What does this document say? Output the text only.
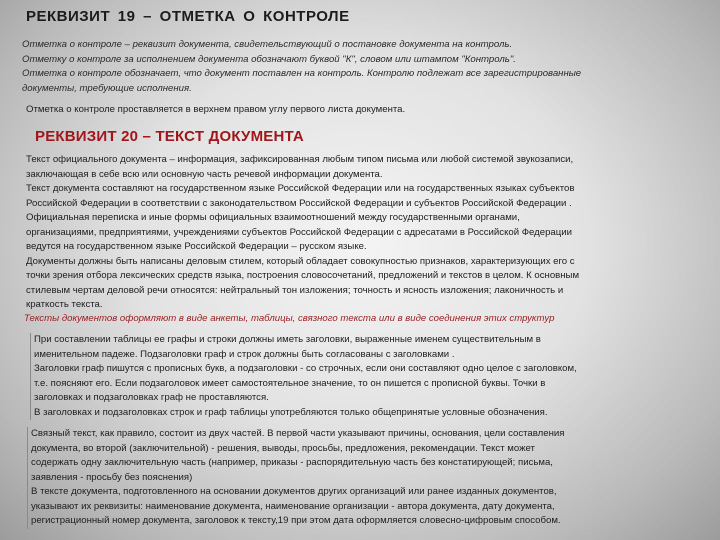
РЕКВИЗИТ 19 – ОТМЕТКА О КОНТРОЛЕ
Отметка о контроле – реквизит документа, свидетельствующий о постановке документа на контроль.
Отметку о контроле за исполнением документа обозначают буквой "К", словом или штампом "Контроль".
Отметка о контроле обозначает, что документ поставлен на контроль. Контролю подлежат все зарегистрированные
документы, требующие исполнения.
Отметка о контроле проставляется в верхнем правом углу первого листа документа.
РЕКВИЗИТ 20 – ТЕКСТ ДОКУМЕНТА
Текст официального документа – информация, зафиксированная любым типом письма или любой системой звукозаписи,
заключающая в себе всю или основную часть речевой информации документа.
Текст документа составляют на государственном языке Российской Федерации или на государственных языках субъектов
Российской Федерации в соответствии с законодательством Российской Федерации и субъектов Российской Федерации .
Официальная переписка и иные формы официальных взаимоотношений между государственными органами,
организациями, предприятиями, учреждениями субъектов Российской Федерации с адресатами в Российской Федерации
ведутся на государственном языке Российской Федерации – русском языке.
Документы должны быть написаны деловым стилем, который обладает совокупностью признаков, характеризующих его с
точки зрения отбора лексических средств языка, построения словосочетаний, предложений и текстов в целом. К основным
стилевым чертам деловой речи относятся: нейтральный тон изложения; точность и ясность изложения; лаконичность и
краткость текста.
Тексты документов оформляют в виде анкеты, таблицы, связного текста или в виде соединения этих структур
При составлении таблицы ее графы и строки должны иметь заголовки, выраженные именем существительным в
именительном падеже. Подзаголовки граф и строк должны быть согласованы с заголовками .
Заголовки граф пишутся с прописных букв, а подзаголовки - со строчных, если они составляют одно целое с заголовком,
т.е. поясняют его. Если подзаголовок имеет самостоятельное значение, то он пишется с прописной буквы. Точки в
заголовках и подзаголовках граф не проставляются.
В заголовках и подзаголовках строк и граф таблицы употребляются только общепринятые условные обозначения.
Связный текст, как правило, состоит из двух частей. В первой части указывают причины, основания, цели составления
документа, во второй (заключительной) - решения, выводы, просьбы, предложения, рекомендации. Текст может
содержать одну заключительную часть (например, приказы - распорядительную часть без констатирующей; письма,
заявления - просьбу без пояснения)
В тексте документа, подготовленного на основании документов других организаций или ранее изданных документов,
указывают их реквизиты: наименование документа, наименование организации - автора документа, дату документа,
регистрационный номер документа, заголовок к тексту,19 при этом дата оформляется словесно-цифровым способом.
